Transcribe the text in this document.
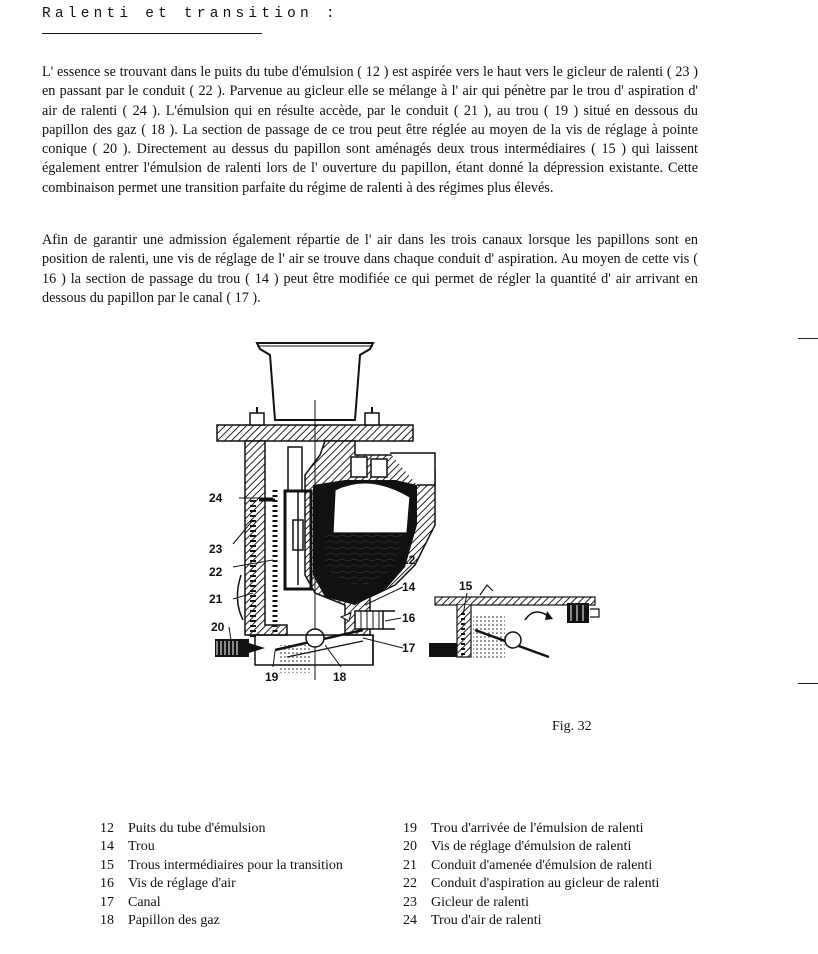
Ralenti et transition :

L' essence se trouvant dans le puits du tube d'émulsion ( 12 ) est aspirée vers le haut vers le gicleur de ralenti ( 23 ) en passant par le conduit ( 22 ). Parvenue au gicleur elle se mélange à l' air qui pénètre par le trou d' aspiration d' air de ralenti ( 24 ). L'émulsion qui en résulte accède, par le conduit ( 21 ), au trou ( 19 ) situé en dessous du papillon des gaz ( 18 ). La section de passage de ce trou peut être réglée au moyen de la vis de réglage à pointe conique ( 20 ). Directement au dessus du papillon sont aménagés deux trous intermédiaires ( 15 ) qui laissent également entrer l'émulsion de ralenti lors de l' ouverture du papillon, étant donné la dépression existante. Cette combinaison permet une transition parfaite du régime de ralenti à des régimes plus élevés.

Afin de garantir une admission également répartie de l' air dans les trois canaux lorsque les papillons sont en position de ralenti, une vis de réglage de l' air se trouve dans chaque conduit d' aspiration. Au moyen de cette vis ( 16 ) la section de passage du trou ( 14 ) peut être modifiée ce qui permet de régler la quantité d' air arrivant en dessous du papillon par le canal ( 17 ).

24
23
22
21
20
19	18
12
14
16
17
15
Fig. 32
12	Puits du tube d'émulsion
14	Trou
15	Trous intermédiaires pour la transition
16	Vis de réglage d'air
17	Canal
18	Papillon des gaz
19	Trou d'arrivée de l'émulsion de ralenti
20	Vis de réglage d'émulsion de ralenti
21	Conduit d'amenée d'émulsion de ralenti
22	Conduit d'aspiration au gicleur de ralenti
23	Gicleur de ralenti
24	Trou d'air de ralenti
